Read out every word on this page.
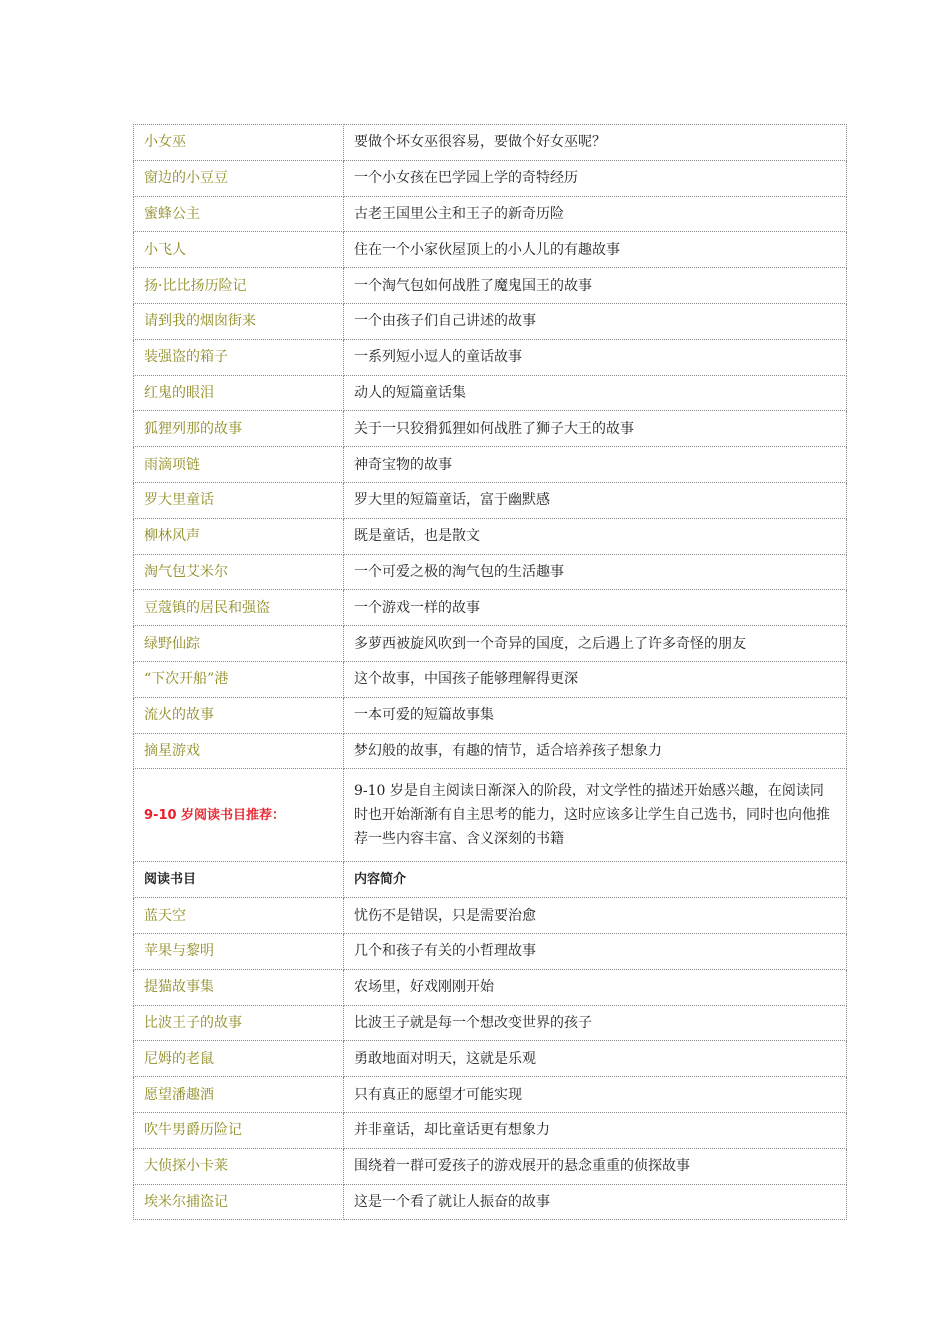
小女巫	要做个坏女巫很容易，要做个好女巫呢？
窗边的小豆豆	一个小女孩在巴学园上学的奇特经历
蜜蜂公主	古老王国里公主和王子的新奇历险
小飞人	住在一个小家伙屋顶上的小人儿的有趣故事
扬·比比扬历险记	一个淘气包如何战胜了魔鬼国王的故事
请到我的烟囱街来	一个由孩子们自己讲述的故事
装强盗的箱子	一系列短小逗人的童话故事
红鬼的眼泪	动人的短篇童话集
狐狸列那的故事	关于一只狡猾狐狸如何战胜了狮子大王的故事
雨滴项链	神奇宝物的故事
罗大里童话	罗大里的短篇童话，富于幽默感
柳林风声	既是童话，也是散文
淘气包艾米尔	一个可爱之极的淘气包的生活趣事
豆蔻镇的居民和强盗	一个游戏一样的故事
绿野仙踪	多萝西被旋风吹到一个奇异的国度，之后遇上了许多奇怪的朋友
“下次开船”港	这个故事，中国孩子能够理解得更深
流火的故事	一本可爱的短篇故事集
摘星游戏	梦幻般的故事，有趣的情节，适合培养孩子想象力
9-10 岁阅读书目推荐：	9-10 岁是自主阅读日渐深入的阶段，对文学性的描述开始感兴趣，在阅读同时也开始渐渐有自主思考的能力，这时应该多让学生自己选书，同时也向他推荐一些内容丰富、含义深刻的书籍
阅读书目	内容简介
蓝天空	忧伤不是错误，只是需要治愈
苹果与黎明	几个和孩子有关的小哲理故事
提猫故事集	农场里，好戏刚刚开始
比波王子的故事	比波王子就是每一个想改变世界的孩子
尼姆的老鼠	勇敢地面对明天，这就是乐观
愿望潘趣酒	只有真正的愿望才可能实现
吹牛男爵历险记	并非童话，却比童话更有想象力
大侦探小卡莱	围绕着一群可爱孩子的游戏展开的悬念重重的侦探故事
埃米尔捕盗记	这是一个看了就让人振奋的故事
